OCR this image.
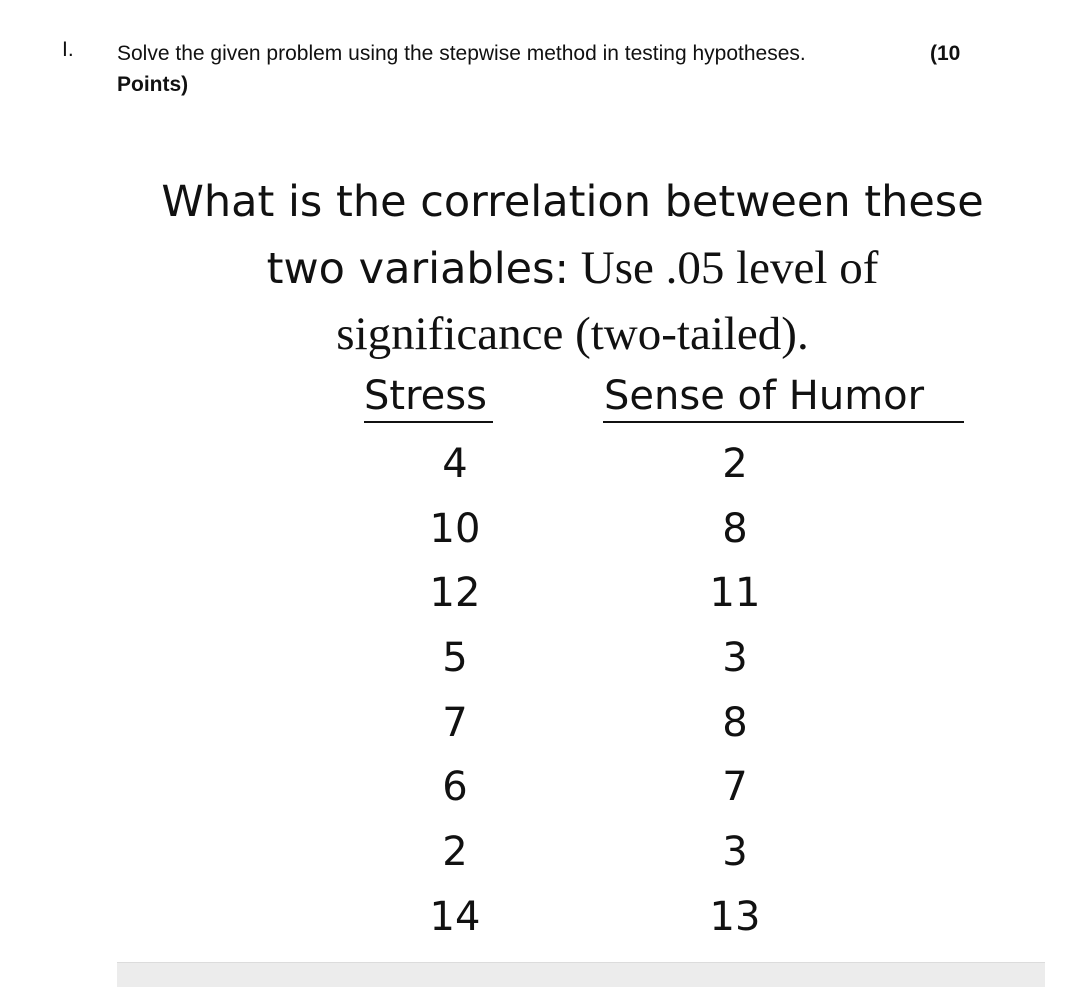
I. Solve the given problem using the stepwise method in testing hypotheses.	(10
Points)
What is the correlation between these
two variables: Use .05 level of
significance (two-tailed).
Stress	Sense of Humor
4
10
12
5
7
6
2
14
2
8
11
3
8
7
3
13
